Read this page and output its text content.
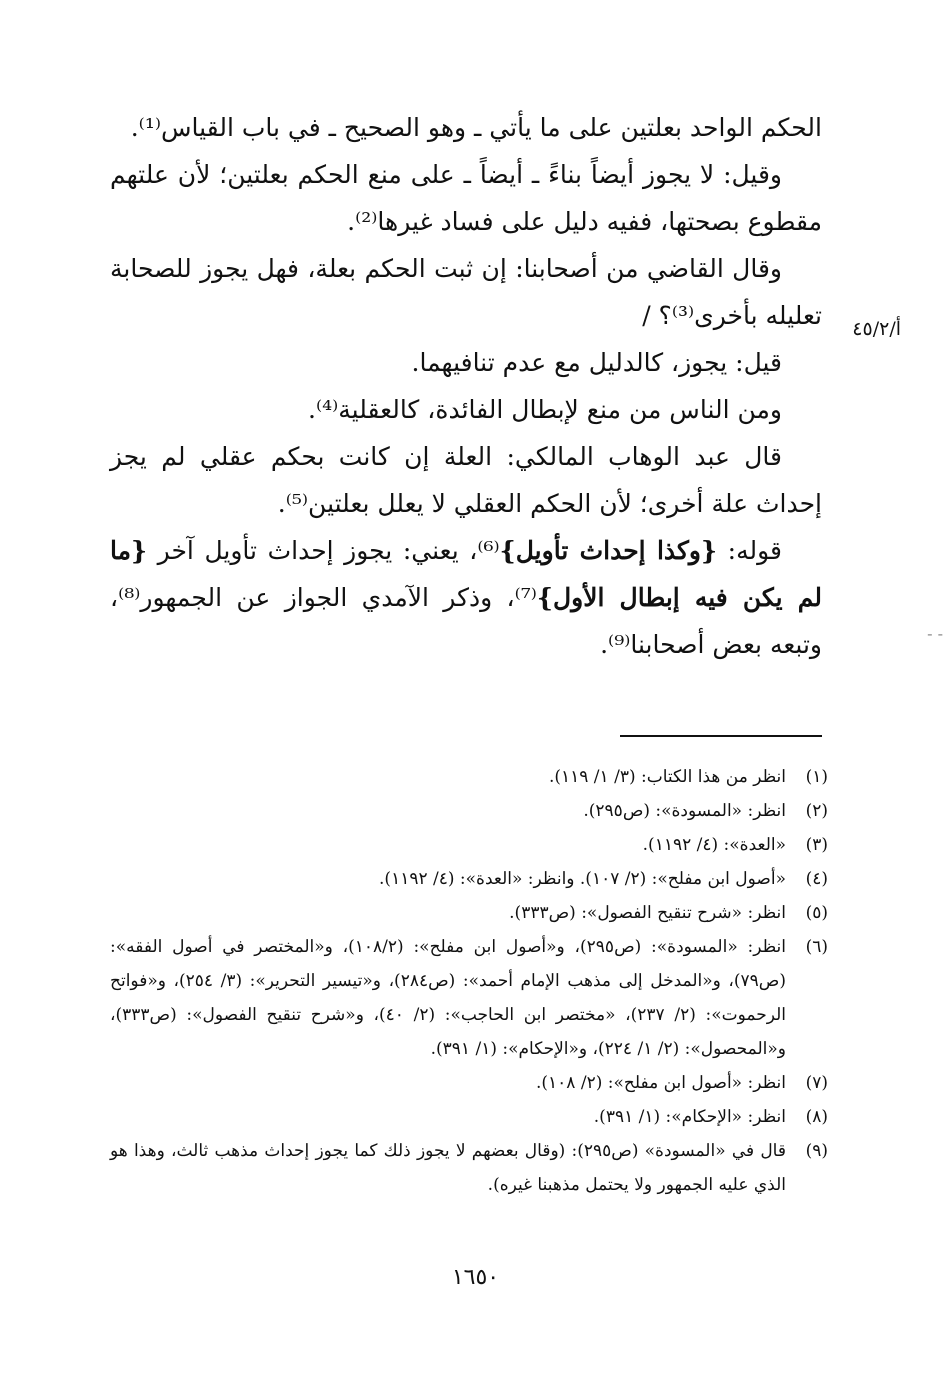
الحكم الواحد بعلتين على ما يأتي ـ وهو الصحيح ـ في باب القياس⁽¹⁾.

وقيل: لا يجوز أيضاً بناءً ـ أيضاً ـ على منع الحكم بعلتين؛ لأن علتهم مقطوع بصحتها، ففيه دليل على فساد غيرها⁽²⁾.

وقال القاضي من أصحابنا: إن ثبت الحكم بعلة، فهل يجوز للصحابة تعليله بأخرى⁽³⁾؟ /

قيل: يجوز، كالدليل مع عدم تنافيهما.

ومن الناس من منع لإبطال الفائدة، كالعقلية⁽⁴⁾.

قال عبد الوهاب المالكي: العلة إن كانت بحكم عقلي لم يجز إحداث علة أخرى؛ لأن الحكم العقلي لا يعلل بعلتين⁽⁵⁾.

قوله: {وكذا إحداث تأويل}⁽⁶⁾، يعني: يجوز إحداث تأويل آخر {ما لم يكن فيه إبطال الأول}⁽⁷⁾، وذكر الآمدي الجواز عن الجمهور⁽⁸⁾، وتبعه بعض أصحابنا⁽⁹⁾.

أ/٤٥/٢
- -
(١)
انظر من هذا الكتاب: (٣/ ١/ ١١٩).
(٢)
انظر: «المسودة»: (ص٢٩٥).
(٣)
«العدة»: (٤/ ١١٩٢).
(٤)
«أصول ابن مفلح»: (٢/ ١٠٧). وانظر: «العدة»: (٤/ ١١٩٢).
(٥)
انظر: «شرح تنقيح الفصول»: (ص٣٣٣).
(٦)
انظر: «المسودة»: (ص٢٩٥)، و«أصول ابن مفلح»: (١٠٨/٢)، و«المختصر في أصول الفقه»: (ص٧٩)، و«المدخل إلى مذهب الإمام أحمد»: (ص٢٨٤)، و«تيسير التحرير»: (٣/ ٢٥٤)، و«فواتح الرحموت»: (٢/ ٢٣٧)، «مختصر ابن الحاجب»: (٢/ ٤٠)، و«شرح تنقيح الفصول»: (ص٣٣٣)، و«المحصول»: (٢/ ١/ ٢٢٤)، و«الإحكام»: (١/ ٣٩١).
(٧)
انظر: «أصول ابن مفلح»: (٢/ ١٠٨).
(٨)
انظر: «الإحكام»: (١/ ٣٩١).
(٩)
قال في «المسودة» (ص٢٩٥): (وقال بعضهم لا يجوز ذلك كما يجوز إحداث مذهب ثالث، وهذا هو الذي عليه الجمهور ولا يحتمل مذهبنا غيره).
١٦٥٠
